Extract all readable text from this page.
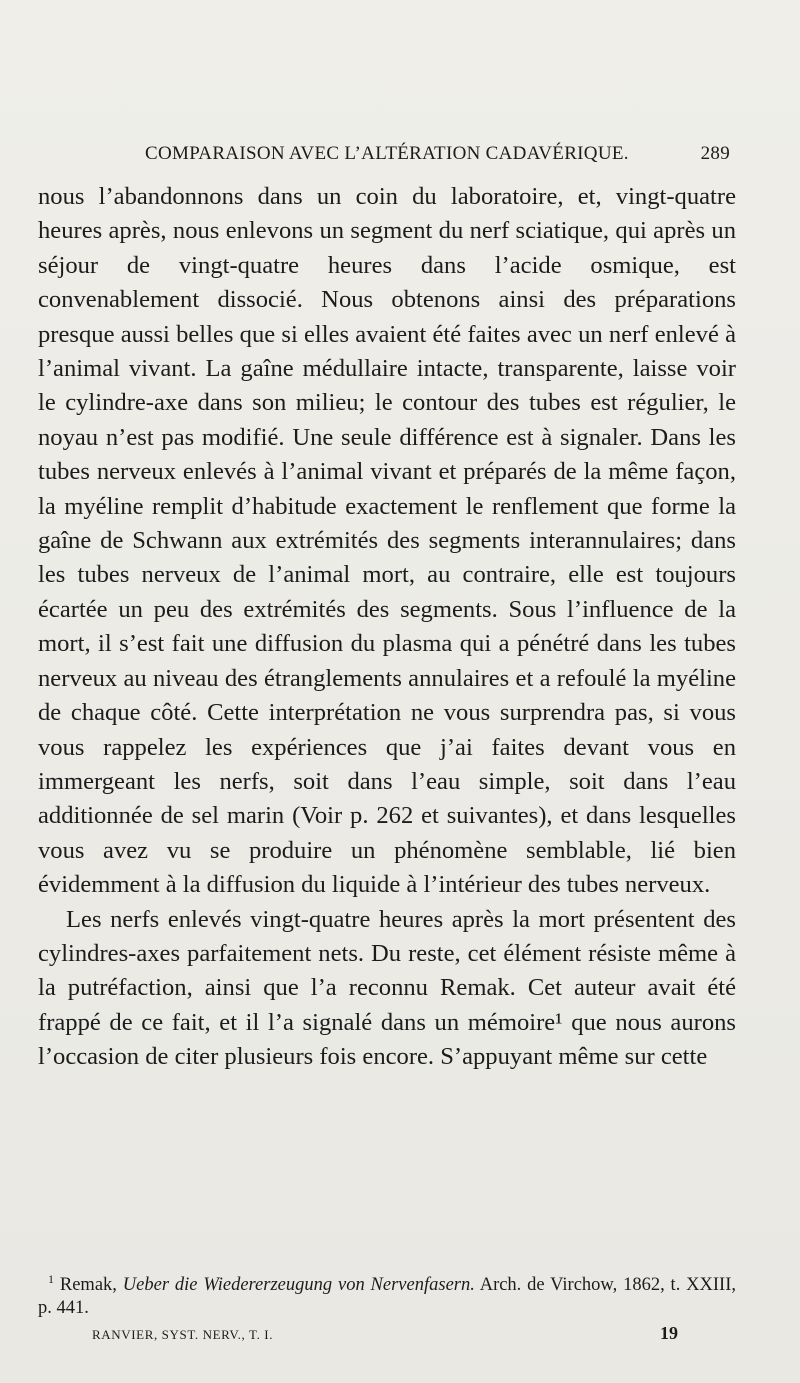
COMPARAISON AVEC L’ALTÉRATION CADAVÉRIQUE.	289

nous l’abandonnons dans un coin du laboratoire, et, vingt-quatre heures après, nous enlevons un segment du nerf sciatique, qui après un séjour de vingt-quatre heures dans l’acide osmique, est convenablement dissocié. Nous obtenons ainsi des préparations presque aussi belles que si elles avaient été faites avec un nerf enlevé à l’animal vivant. La gaîne médullaire intacte, transparente, laisse voir le cylindre-axe dans son milieu; le contour des tubes est régulier, le noyau n’est pas modifié. Une seule différence est à signaler. Dans les tubes nerveux enlevés à l’animal vivant et préparés de la même façon, la myéline remplit d’habitude exactement le renflement que forme la gaîne de Schwann aux extrémités des segments interannulaires; dans les tubes nerveux de l’animal mort, au contraire, elle est toujours écartée un peu des extrémités des segments. Sous l’influence de la mort, il s’est fait une diffusion du plasma qui a pénétré dans les tubes nerveux au niveau des étranglements annulaires et a refoulé la myéline de chaque côté. Cette interprétation ne vous surprendra pas, si vous vous rappelez les expériences que j’ai faites devant vous en immergeant les nerfs, soit dans l’eau simple, soit dans l’eau additionnée de sel marin (Voir p. 262 et suivantes), et dans lesquelles vous avez vu se produire un phénomène semblable, lié bien évidemment à la diffusion du liquide à l’intérieur des tubes nerveux.

Les nerfs enlevés vingt-quatre heures après la mort présentent des cylindres-axes parfaitement nets. Du reste, cet élément résiste même à la putréfaction, ainsi que l’a reconnu Remak. Cet auteur avait été frappé de ce fait, et il l’a signalé dans un mémoire¹ que nous aurons l’occasion de citer plusieurs fois encore. S’appuyant même sur cette

$^1$ Remak, Ueber die Wiedererzeugung von Nervenfasern. Arch. de Virchow, 1862, t. XXIII, p. 441.
RANVIER, SYST. NERV., T. I.	19
